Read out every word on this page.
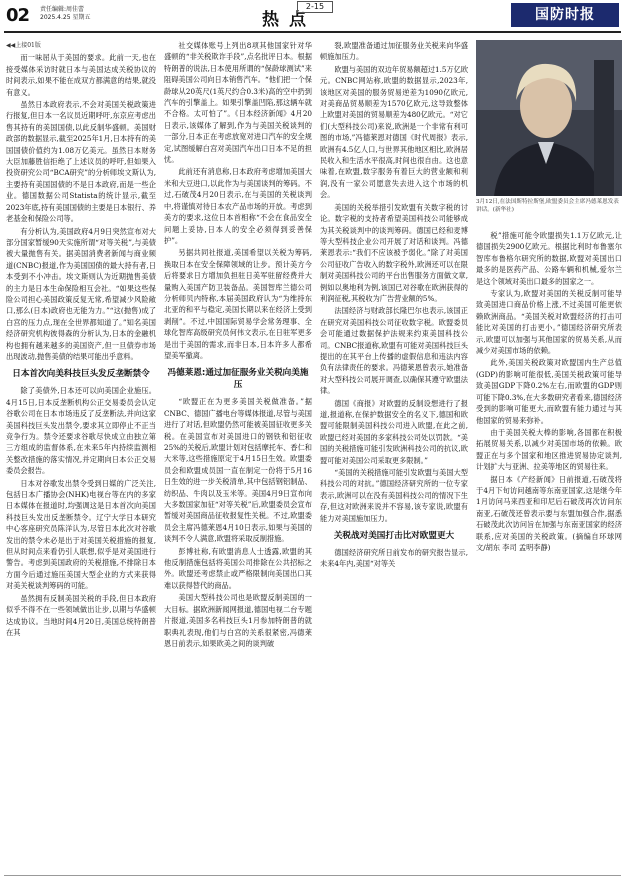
02 责任编辑:周佳蕾
2025.4.25 星期五	热点
2-15
国防时报

◀◀上接01版

而一味屈从于美国的要求。此前一天,也在接受媒体采访时就日本与美国达成关税协议的时间表示,如果不能在成双方都满意的结果,就没有意义。

虽然日本政府表示,不会对美国关税政策进行报复,但日本一名议员近期呼吁,东京应考虑出售其持有的美国国债,以此反制华盛顿。美国财政部的数据显示,截至2025年1月,日本持有的美国国债价值约为1.08万亿美元。虽然日本财务大臣加藤胜信拒绝了上述议员的呼吁,但如果入投资研究公司“BCA研究”的分析师埃文斯认为,主要持有美国国债的不是日本政府,而是一些企业。德国数据公司Statista的统计显示,截至2023年底,持有美国国债的主要是日本银行、养老基金和保险公司等。

有分析认为,美国政府4月9日突然宣布对大部分国家暂缓90天实施所谓“对等关税”,与美债被大量抛售有关。据美国消费者新闻与商业频道(CNBC)报道,作为美国国债的最大持有者,日本受到不小冲击。埃文斯则认为近期抛售美债的主力是日本生命保险相互会社。“如果这些保险公司担心美国政策反复无常,希望减少风险敞口,那么(日本)政府也无能为力。”“这(抛售)成了白宫的压力点,现在全世界都知道了。”知名美国经济研究机构彼得森的分析认为,日本的金融机构也拥有越来越多的美国资产,但一旦债券市场出现波动,抛售美债的结果可能出乎意料。

日本首次向美科技巨头发反垄断禁令

除了美债外,日本还可以向美国企业施压。4月15日,日本反垄断机构公正交易委员会认定谷歌公司在日本市场违反了反垄断法,并向这家美国科技巨头发出禁令,要求其立即停止不正当竞争行为。禁令还要求谷歌尽快成立由独立第三方组成的监督体系,在未来5年内持续监测相关整改措施的落实情况,并定期向日本公正交易委员会报告。

日本对谷歌发出禁令受到日媒的广泛关注,包括日本广播协会(NHK)电视台等在内的多家日本媒体在报道时,均强调这是日本首次向美国科技巨头发出反垄断禁令。辽宁大学日本研究中心客座研究员陈洋认为,尽管日本此次对谷歌发出的禁令未必是出于对美国关税措施的报复,但从时间点来看仍引人联想,似乎是对美国进行警告。考虑到美国政府的关税措施,不排除日本方面今后通过施压美国大型企业的方式来获得对美关税谈判筹码的可能。

虽然拥有反制美国关税的手段,但日本政府似乎不得不在一些领域做出让步,以期与华盛顿达成协议。当地时间4月20日,美国总统特朗普在其

社交媒体账号上列出8项其他国家针对华盛顿的“非关税欺诈手段”,点名批评日本。根据特朗普的说法,日本使用所谓的“保龄球测试”来阻碍美国公司向日本销售汽车。“他们把一个保龄球从20英尺(1英尺约合0.3米)高的空中扔到汽车的引擎盖上。如果引擎盖凹陷,那这辆车就不合格。太可怕了”。《日本经济新闻》4月20日表示,该媒体了解到,作为与美国关税谈判的一部分,日本正在考虑放宽对进口汽车的安全规定,试图缓解白宫对美国汽车出口日本不足的担忧。

此前还有消息称,日本政府考虑增加美国大米和大豆进口,以此作为与美国谈判的筹码。不过,石破茂4月20日表示,在与美国的关税谈判中,将谨慎对待日本农产品市场的开放。考虑到美方的要求,这位日本首相称“不会在食品安全问题上妥协,日本人的安全必须得到妥善保护”。

另据共同社报道,美国希望以关税为筹码,换取日本在安全保障领域的让步。预计美方今后将要求日方增加负担驻日美军驻留经费并大量购入美国产防卫装备品。美国智库兰德公司分析师贝内特称,本届美国政府认为“为维持东北亚的和平与稳定,美国长期以来在经济上受到剥削”。不过,中国国际贸易学会常务理事、全球化智库高级研究员何伟文表示,在日驻军更多是出于美国的需求,而非日本,日本许多人都希望美军撤离。

冯德莱恩:通过加征服务业关税向美施压

“欧盟正在为更多美国关税做准备。”据CNBC、德国广播电台等媒体报道,尽管与美国进行了对话,但欧盟仍然可能被美国征收更多关税。在美国宣布对美国进口的钢铁和铝征收25%的关税后,欧盟计划对包括摩托车、香仁和大米等,这些措施原定于4月15日生效。欧盟委员会和欧盟成员国一直在制定一份将于5月16日生效的进一步关税清单,其中包括钢铝制品、纺织品、牛肉以及玉米等。美国4月9日宣布向大多数国家加征“对等关税”后,欧盟委员会宣布暂缓对美国商品征收报复性关税。不过,欧盟委员会主席冯德莱恩4月10日表示,如果与美国的谈判不令人满意,欧盟将采取反制措施。

彭博社称,有欧盟消息人士透露,欧盟的其他反制措施包括将美国公司排除在公共招标之外。欧盟还考虑禁止或严格限制向美国出口其难以获得替代的商品。

美国大型科技公司也是欧盟反制美国的一大目标。据欧洲新闻网报道,德国电视二台专题片报道,美国多名科技巨头1月参加特朗普的就职典礼表现,他们与白宫的关系很紧密,冯德莱恩日前表示,如果欧美之间的谈判破

裂,欧盟准备通过加征服务业关税来向华盛顿施加压力。

欧盟与美国的双边年贸易额超过1.5万亿欧元。CNBC网站称,欧盟的数据显示,2023年,该地区对美国的服务贸易逆差为1090亿欧元,对美商品贸易顺差为1570亿欧元,这导致整体上欧盟对美国的贸易顺差为480亿欧元。“对它们(大型科技公司)来说,欧洲是一个非常有利可图的市场,”冯德莱恩对德国《时代周报》表示,欧洲有4.5亿人口,与世界其他地区相比,欧洲居民收入和生活水平很高,时间也很自由。这也意味着,在欧盟,数字服务有着巨大的营业额和利润,没有一家公司愿意失去进入这个市场的机会。

美国的关税举措引发欧盟有关数字税的讨论。数字税的支持者希望美国科技公司能够成为其关税谈判中的谈判筹码。德国已经和麦博等大型科技企业公司开展了对话和谈判。冯德莱恩表示:“我们不应该被予弱化。”除了对美国公司征收广告收入的数字税外,欧洲还可以在限制对美国科技公司的平台出售服务方面做文章,例如以奥地利为例,该国已对谷歌在欧洲获得的利润征税,其税收为广告营业额的5%。

法国经济与财政部长隆巴尔也表示,该国正在研究对美国科技公司征收数字税。欧盟委员会可能通过数据保护法规来约束美国科技公司。CNBC报道称,欧盟有可能对美国科技巨头提出的在其平台上传播的虚假信息和违法内容负有法律责任的要求。冯德莱恩曾表示,她准备对大型科技公司展开调查,以确保其遵守欧盟法律。

德国《商报》对欧盟的反制设想进行了报道,报道称,在保护数据安全的名义下,德国和欧盟可能限制美国科技公司进入欧盟,在此之前,欧盟已经对美国的多家科技公司处以罚款。“美国的关税措施可能引发欧洲科技公司的抗议,欧盟可能对美国公司采取更多限制。”

“美国的关税措施可能引发欧盟与美国大型科技公司的对抗。”德国经济研究所的一位专家表示,欧洲可以在没有美国科技公司的情况下生存,但这对欧洲来说并不容易,该专家说,欧盟有能力对美国施加压力。

关税战对美国打击比对欧盟更大

德国经济研究所日前发布的研究报告显示,未来4年内,美国“对等关

3月12日,在法国斯特拉斯堡,欧盟委员会主席冯德莱恩发表讲话。(新华社)

税”措施可能令欧盟损失1.1万亿欧元,让德国损失2900亿欧元。根据比利时布鲁塞尔智库布鲁格尔研究所的数据,欧盟对美国出口最多的是医药产品、公路车辆和机械,爱尔兰是这个领域对美出口最多的国家之一。

专家认为,欧盟对美国的关税反制可能导致美国进口商品价格上涨,不过美国可能更依赖欧洲商品。“美国关税对欧盟经济的打击可能比对美国的打击更小。”德国经济研究所表示,欧盟可以加强与其他国家的贸易关系,从而减少对美国市场的依赖。

此外,美国关税政策对欧盟国内生产总值(GDP)的影响可能很低,美国关税政策可能导致美国GDP下降0.2%左右,而欧盟的GDP则可能下降0.3%,在大多数研究者看来,德国经济受到的影响可能更大,而欧盟有能力通过与其他国家的贸易来弥补。

由于美国关税大棒的影响,各国都在积极拓展贸易关系,以减少对美国市场的依赖。欧盟正在与多个国家和地区推进贸易协定谈判,计划扩大与亚洲、拉美等地区的贸易往来。

据日本《产经新闻》日前报道,石破茂将于4月下旬访问越南等东南亚国家,这是继今年1月访问马来西亚和印尼后石破茂再次访问东南亚,石破茂还曾表示要与东盟加强合作,据悉石破茂此次访问旨在加强与东南亚国家的经济联系,应对美国的关税政策。(摘编自环球网 文/胡东 李司 孟明李静)
